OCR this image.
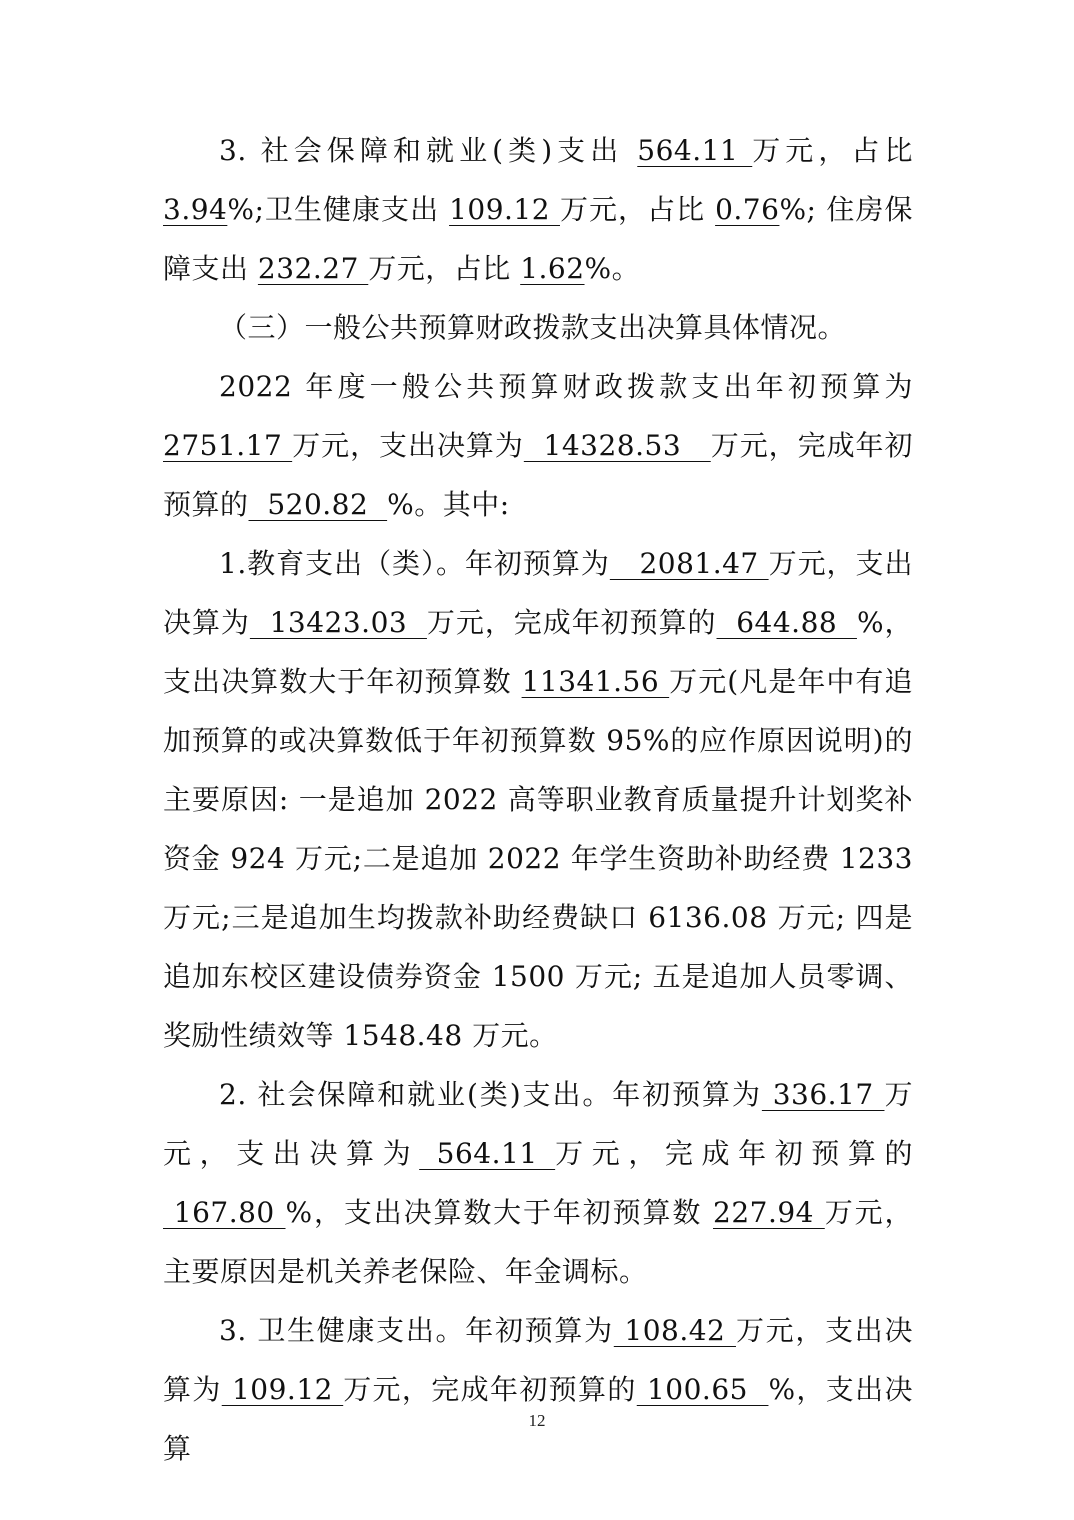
3. 社会保障和就业(类)支出 564.11 万元，占比 3.94%;卫生健康支出 109.12 万元，占比 0.76%; 住房保障支出 232.27 万元，占比 1.62%。

（三）一般公共预算财政拨款支出决算具体情况。

2022 年度一般公共预算财政拨款支出年初预算为2751.17 万元，支出决算为  14328.53   万元，完成年初预算的  520.82  %。其中:

1.教育支出（类）。年初预算为   2081.47 万元，支出决算为  13423.03  万元，完成年初预算的  644.88  %，支出决算数大于年初预算数 11341.56 万元(凡是年中有追加预算的或决算数低于年初预算数 95%的应作原因说明)的主要原因: 一是追加 2022 高等职业教育质量提升计划奖补资金 924 万元;二是追加 2022 年学生资助补助经费 1233 万元;三是追加生均拨款补助经费缺口 6136.08 万元; 四是追加东校区建设债券资金 1500 万元; 五是追加人员零调、奖励性绩效等 1548.48 万元。

2. 社会保障和就业(类)支出。年初预算为 336.17 万元，支出决算为 564.11 万元，完成年初预算的 167.80 %，支出决算数大于年初预算数 227.94 万元，主要原因是机关养老保险、年金调标。

3. 卫生健康支出。年初预算为 108.42 万元，支出决算为 109.12 万元，完成年初预算的 100.65  %，支出决算

12
